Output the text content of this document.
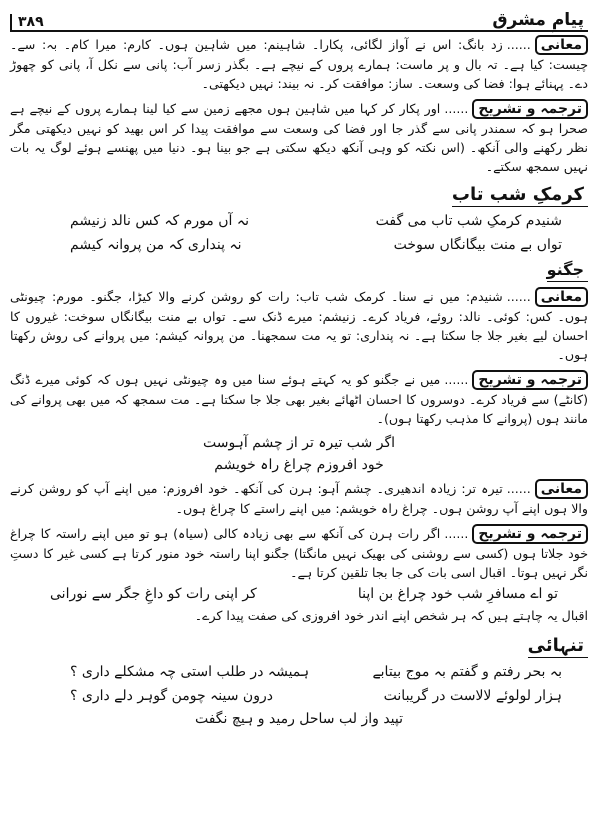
پیامِ مشرق
۳۸۹

معانی......زد بانگ: اس نے آواز لگائی، پکارا۔ شاہینم: میں شاہین ہوں۔ کارم: میرا کام۔ بہ: سے۔ چیست: کیا ہے۔ تہ بال و پر ماست: ہمارے پروں کے نیچے ہے۔ بگذر زسر آب: پانی سے نکل آ، پانی کو چھوڑ دے۔ پہنائے ہوا: فضا کی وسعت۔ ساز: موافقت کر۔ نہ بیند: نہیں دیکھتی۔

ترجمہ و تشریح......اور پکار کر کہا میں شاہین ہوں مجھے زمین سے کیا لینا ہمارے پروں کے نیچے ہے صحرا ہو کہ سمندر پانی سے گذر جا اور فضا کی وسعت سے موافقت پیدا کر اس بھید کو نہیں دیکھتی مگر نظر رکھنے والی آنکھ۔ (اس نکتہ کو وہی آنکھ دیکھ سکتی ہے جو بینا ہو۔ دنیا میں پھنسے ہوئے لوگ یہ بات نہیں سمجھ سکتے۔

کرمکِ شب تاب
شنیدم کرمکِ شب تاب می گفت
نہ آں مورم کہ کس نالد زنیشم
تواں بے منت بیگانگاں سوخت
نہ پنداری کہ من پروانہ کیشم
جگنو

معانی......شنیدم: میں نے سنا۔ کرمک شب تاب: رات کو روشن کرنے والا کیڑا، جگنو۔ مورم: چیونٹی ہوں۔ کس: کوئی۔ نالد: روئے، فریاد کرے۔ زنیشم: میرے ڈنک سے۔ تواں بے منت بیگانگاں سوخت: غیروں کا احسان لیے بغیر جلا جا سکتا ہے۔ نہ پنداری: تو یہ مت سمجھنا۔ من پروانہ کیشم: میں پروانے کی روش رکھتا ہوں۔

ترجمہ و تشریح......میں نے جگنو کو یہ کہتے ہوئے سنا میں وہ چیونٹی نہیں ہوں کہ کوئی میرے ڈنگ (کانٹے) سے فریاد کرے۔ دوسروں کا احسان اٹھائے بغیر بھی جلا جا سکتا ہے۔ مت سمجھ کہ میں بھی پروانے کی مانند ہوں (پروانے کا مذہب رکھتا ہوں)۔

اگر شب تیرہ تر از چشم آہوست
خود افروزم چراغ راہ خویشم

معانی......تیرہ تر: زیادہ اندھیری۔ چشم آہو: ہرن کی آنکھ۔ خود افروزم: میں اپنے آپ کو روشن کرنے والا ہوں اپنے آپ روشن ہوں۔ چراغ راہ خویشم: میں اپنے راستے کا چراغ ہوں۔

ترجمہ و تشریح......اگر رات ہرن کی آنکھ سے بھی زیادہ کالی (سیاہ) ہو تو میں اپنے راستہ کا چراغ خود جلاتا ہوں (کسی سے روشنی کی بھیک نہیں مانگتا) جگنو اپنا راستہ خود منور کرتا ہے کسی غیر کا دستِ نگر نہیں ہوتا۔ اقبال اسی بات کی جا بجا تلقین کرتا ہے۔

تو اے مسافرِ شب خود چراغ بن اپنا
کر اپنی رات کو داغِ جگر سے نورانی

اقبال یہ چاہتے ہیں کہ ہر شخص اپنے اندر خود افروزی کی صفت پیدا کرے۔

تنہائی
بہ بحر رفتم و گفتم بہ موج بیتابے
ہمیشہ در طلب استی چہ مشکلے داری ؟
ہزار لولوئے لالاست در گریبانت
درون سینہ چومن گوہر دلے داری ؟
تپید واز لب ساحل رمید و ہیچ نگفت
